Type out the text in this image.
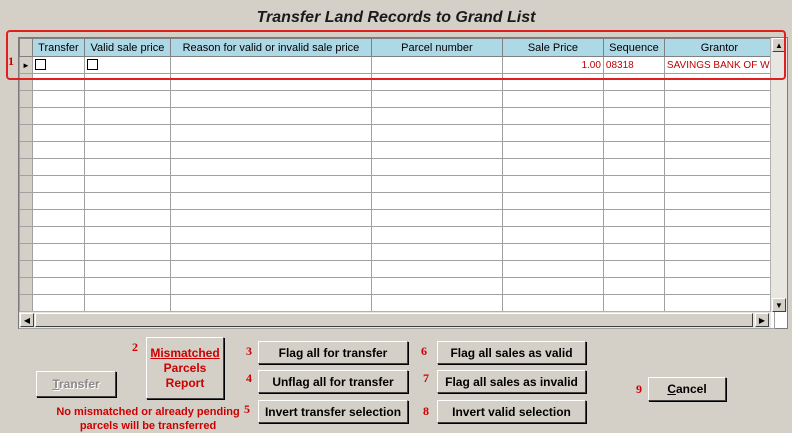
Transfer Land Records to Grand List
	Transfer	Valid sale price	Reason for valid or invalid sale price	Parcel number	Sale Price	Sequence	Grantor
►					1.00	08318	SAVINGS BANK OF W

▲
▼
◀	▶
1
Transfer
2	Mismatched
Parcels
Report
3	Flag all for transfer
4	Unflag all for transfer
5	Invert transfer selection
6	Flag all sales as valid
7	Flag all sales as invalid
8	Invert valid selection
9	Cancel
No mismatched or already pending
parcels will be transferred
